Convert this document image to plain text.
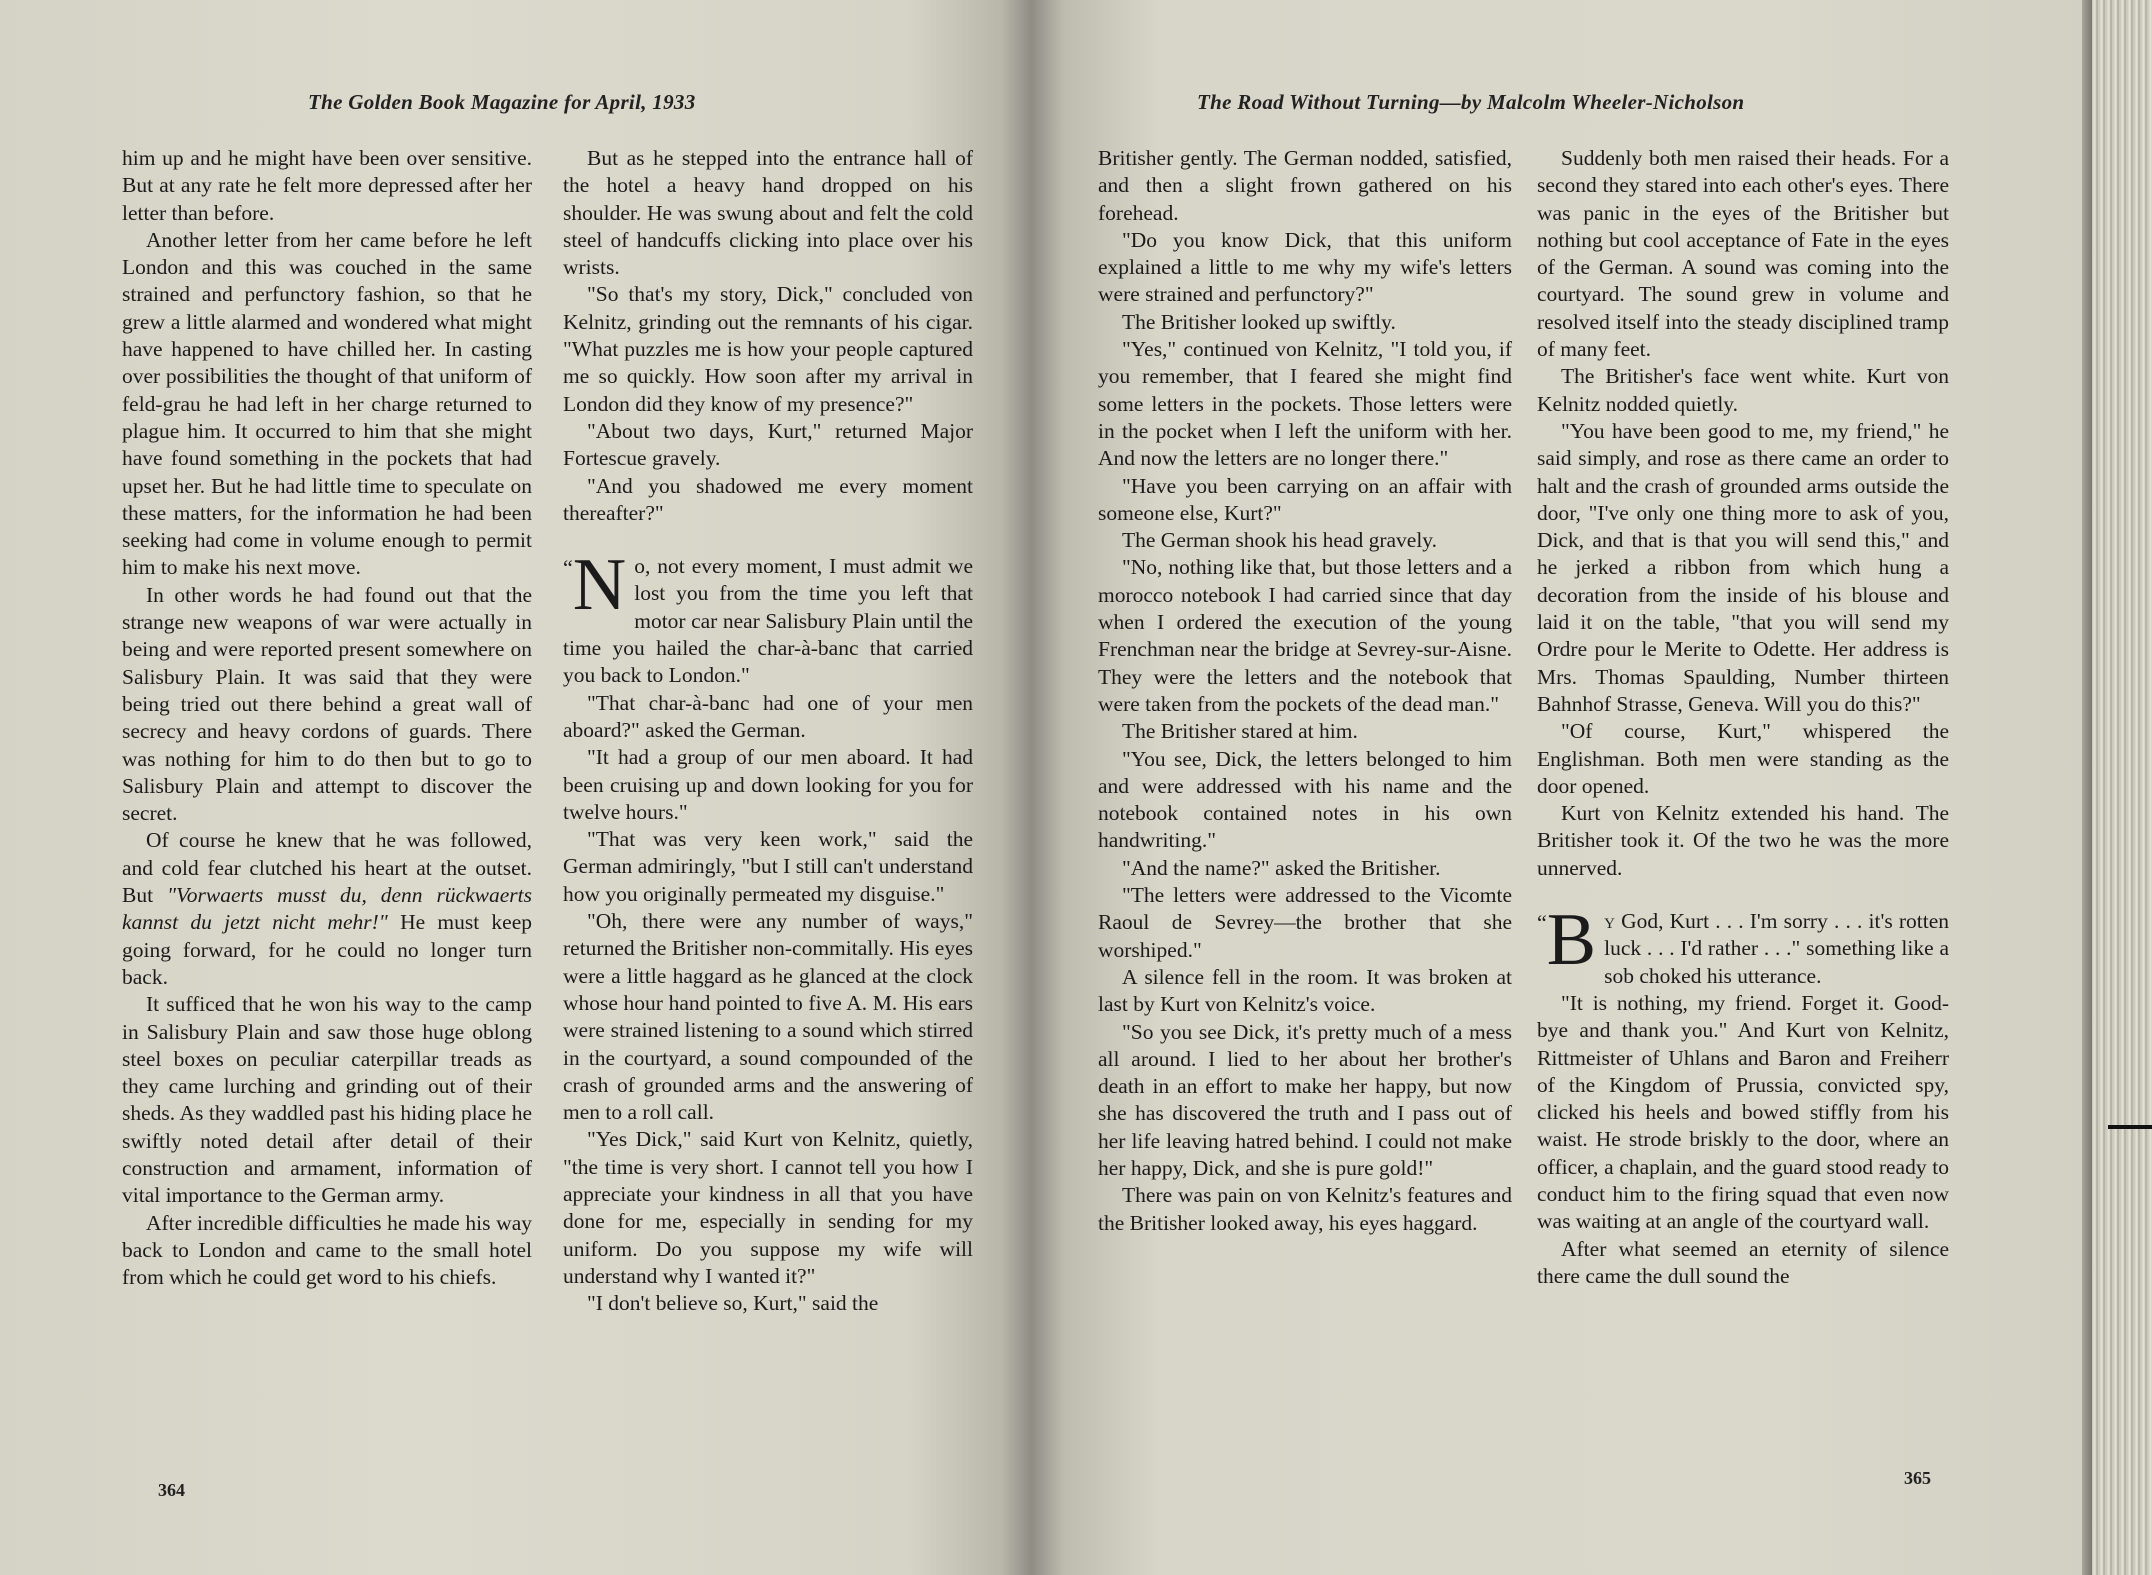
The Golden Book Magazine for April, 1933

him up and he might have been over sensitive. But at any rate he felt more depressed after her letter than before.

Another letter from her came before he left London and this was couched in the same strained and perfunctory fashion, so that he grew a little alarmed and wondered what might have happened to have chilled her. In casting over possibilities the thought of that uniform of feld-grau he had left in her charge returned to plague him. It occurred to him that she might have found something in the pockets that had upset her. But he had little time to speculate on these matters, for the information he had been seeking had come in volume enough to permit him to make his next move.

In other words he had found out that the strange new weapons of war were actually in being and were reported present somewhere on Salisbury Plain. It was said that they were being tried out there behind a great wall of secrecy and heavy cordons of guards. There was nothing for him to do then but to go to Salisbury Plain and attempt to discover the secret.

Of course he knew that he was followed, and cold fear clutched his heart at the outset. But "Vorwaerts musst du, denn rückwaerts kannst du jetzt nicht mehr!" He must keep going forward, for he could no longer turn back.

It sufficed that he won his way to the camp in Salisbury Plain and saw those huge oblong steel boxes on peculiar caterpillar treads as they came lurching and grinding out of their sheds. As they waddled past his hiding place he swiftly noted detail after detail of their construction and armament, information of vital importance to the German army.

After incredible difficulties he made his way back to London and came to the small hotel from which he could get word to his chiefs.

But as he stepped into the entrance hall of the hotel a heavy hand dropped on his shoulder. He was swung about and felt the cold steel of handcuffs clicking into place over his wrists.

"So that's my story, Dick," concluded von Kelnitz, grinding out the remnants of his cigar. "What puzzles me is how your people captured me so quickly. How soon after my arrival in London did they know of my presence?"

"About two days, Kurt," returned Major Fortescue gravely.

"And you shadowed me every moment thereafter?"

“ N o, not every moment, I must admit we lost you from the time you left that motor car near Salisbury Plain until the time you hailed the char-à-banc that carried you back to London."

"That char-à-banc had one of your men aboard?" asked the German.

"It had a group of our men aboard. It had been cruising up and down looking for you for twelve hours."

"That was very keen work," said the German admiringly, "but I still can't understand how you originally permeated my disguise."

"Oh, there were any number of ways," returned the Britisher non-commitally. His eyes were a little haggard as he glanced at the clock whose hour hand pointed to five A. M. His ears were strained listening to a sound which stirred in the courtyard, a sound compounded of the crash of grounded arms and the answering of men to a roll call.

"Yes Dick," said Kurt von Kelnitz, quietly, "the time is very short. I cannot tell you how I appreciate your kindness in all that you have done for me, especially in sending for my uniform. Do you suppose my wife will understand why I wanted it?"

"I don't believe so, Kurt," said the

364
The Road Without Turning—by Malcolm Wheeler-Nicholson

Britisher gently. The German nodded, satisfied, and then a slight frown gathered on his forehead.

"Do you know Dick, that this uniform explained a little to me why my wife's letters were strained and perfunctory?"

The Britisher looked up swiftly.

"Yes," continued von Kelnitz, "I told you, if you remember, that I feared she might find some letters in the pockets. Those letters were in the pocket when I left the uniform with her. And now the letters are no longer there."

"Have you been carrying on an affair with someone else, Kurt?"

The German shook his head gravely.

"No, nothing like that, but those letters and a morocco notebook I had carried since that day when I ordered the execution of the young Frenchman near the bridge at Sevrey-sur-Aisne. They were the letters and the notebook that were taken from the pockets of the dead man."

The Britisher stared at him.

"You see, Dick, the letters belonged to him and were addressed with his name and the notebook contained notes in his own handwriting."

"And the name?" asked the Britisher.

"The letters were addressed to the Vicomte Raoul de Sevrey—the brother that she worshiped."

A silence fell in the room. It was broken at last by Kurt von Kelnitz's voice.

"So you see Dick, it's pretty much of a mess all around. I lied to her about her brother's death in an effort to make her happy, but now she has discovered the truth and I pass out of her life leaving hatred behind. I could not make her happy, Dick, and she is pure gold!"

There was pain on von Kelnitz's features and the Britisher looked away, his eyes haggard.

Suddenly both men raised their heads. For a second they stared into each other's eyes. There was panic in the eyes of the Britisher but nothing but cool acceptance of Fate in the eyes of the German. A sound was coming into the courtyard. The sound grew in volume and resolved itself into the steady disciplined tramp of many feet.

The Britisher's face went white. Kurt von Kelnitz nodded quietly.

"You have been good to me, my friend," he said simply, and rose as there came an order to halt and the crash of grounded arms outside the door, "I've only one thing more to ask of you, Dick, and that is that you will send this," and he jerked a ribbon from which hung a decoration from the inside of his blouse and laid it on the table, "that you will send my Ordre pour le Merite to Odette. Her address is Mrs. Thomas Spaulding, Number thirteen Bahnhof Strasse, Geneva. Will you do this?"

"Of course, Kurt," whispered the Englishman. Both men were standing as the door opened.

Kurt von Kelnitz extended his hand. The Britisher took it. Of the two he was the more unnerved.

“ B y God, Kurt . . . I'm sorry . . . it's rotten luck . . . I'd rather . . ." something like a sob choked his utterance.

"It is nothing, my friend. Forget it. Good-bye and thank you." And Kurt von Kelnitz, Rittmeister of Uhlans and Baron and Freiherr of the Kingdom of Prussia, convicted spy, clicked his heels and bowed stiffly from his waist. He strode briskly to the door, where an officer, a chaplain, and the guard stood ready to conduct him to the firing squad that even now was waiting at an angle of the courtyard wall.

After what seemed an eternity of silence there came the dull sound the

365
